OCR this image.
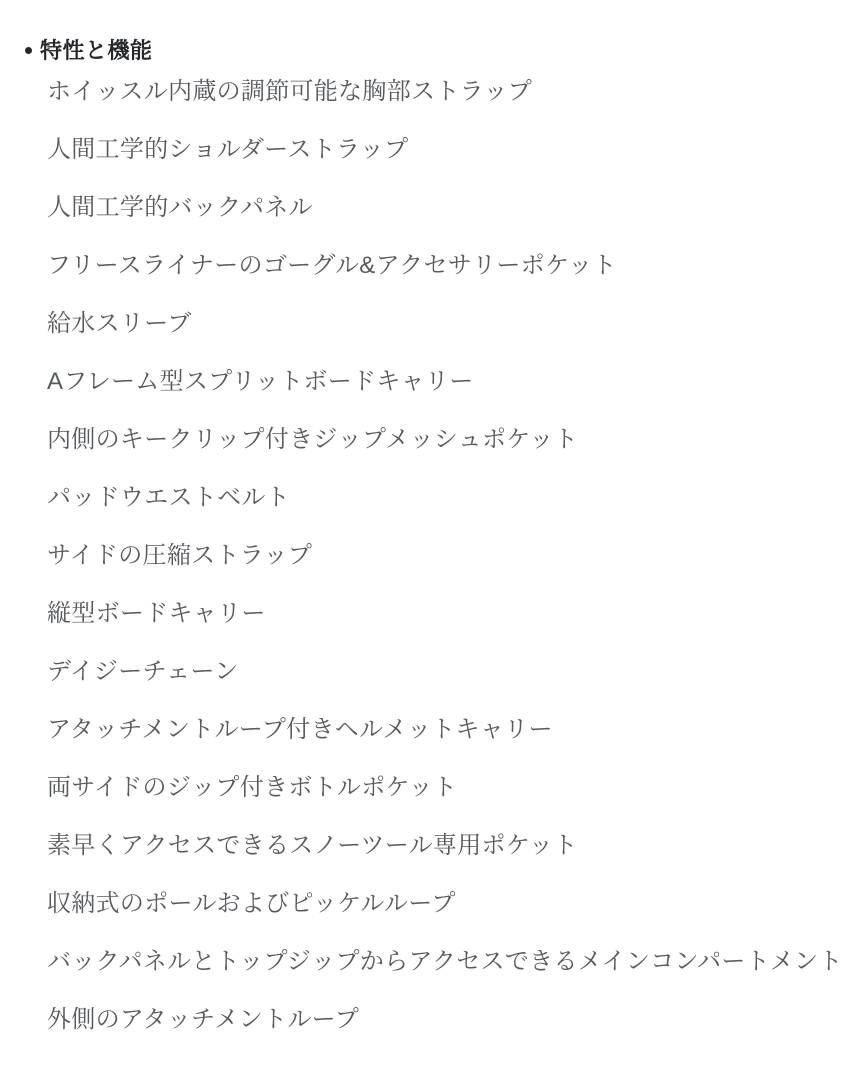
特性と機能

ホイッスル内蔵の調節可能な胸部ストラップ

人間工学的ショルダーストラップ

人間工学的バックパネル

フリースライナーのゴーグル&アクセサリーポケット

給水スリーブ

Aフレーム型スプリットボードキャリー

内側のキークリップ付きジップメッシュポケット

パッドウエストベルト

サイドの圧縮ストラップ

縦型ボードキャリー

デイジーチェーン

アタッチメントループ付きヘルメットキャリー

両サイドのジップ付きボトルポケット

素早くアクセスできるスノーツール専用ポケット

収納式のポールおよびピッケルループ

バックパネルとトップジップからアクセスできるメインコンパートメント

外側のアタッチメントループ
